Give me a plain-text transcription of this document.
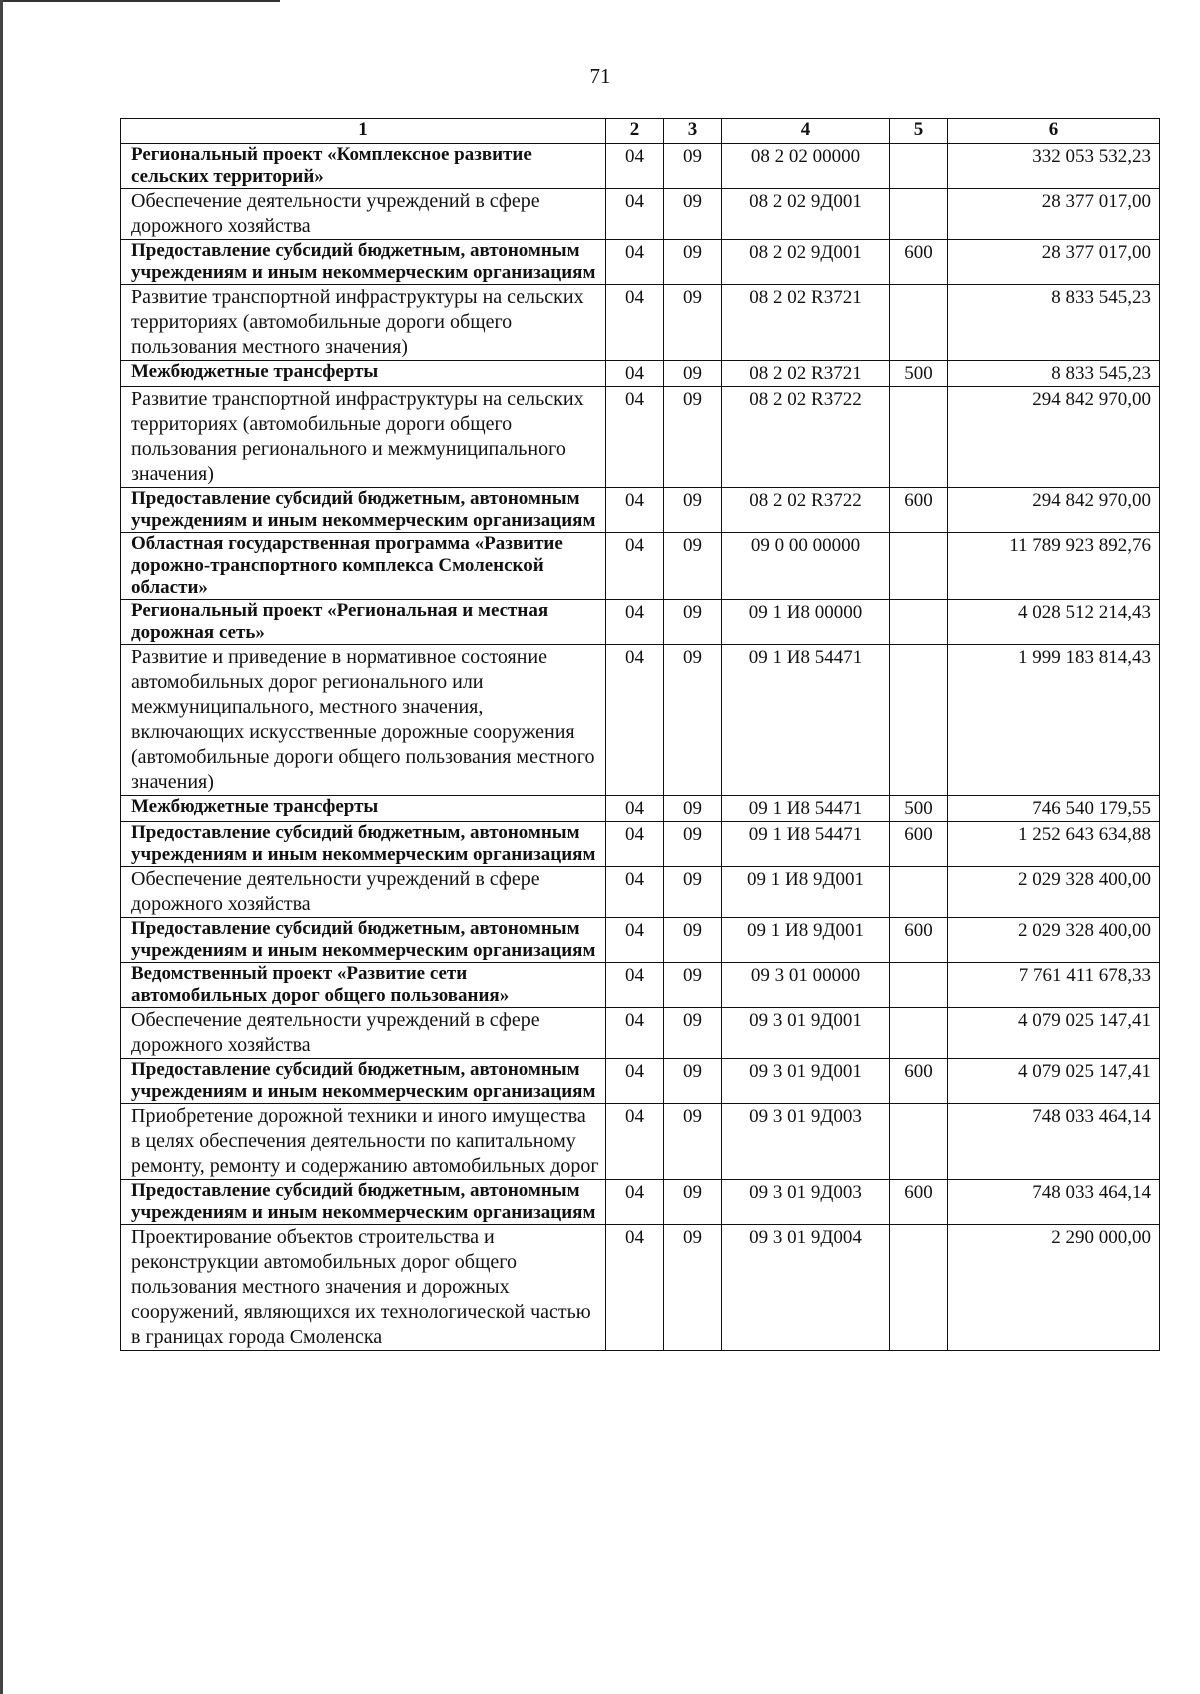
71
1	2	3	4	5	6
Региональный проект «Комплексное развитие сельских территорий»	04	09	08 2 02 00000		332 053 532,23
Обеспечение деятельности учреждений в сфере дорожного хозяйства	04	09	08 2 02 9Д001		28 377 017,00
Предоставление субсидий бюджетным, автономным учреждениям и иным некоммерческим организациям	04	09	08 2 02 9Д001	600	28 377 017,00
Развитие транспортной инфраструктуры на сельских территориях (автомобильные дороги общего пользования местного значения)	04	09	08 2 02 R3721		8 833 545,23
Межбюджетные трансферты	04	09	08 2 02 R3721	500	8 833 545,23
Развитие транспортной инфраструктуры на сельских территориях (автомобильные дороги общего пользования регионального и межмуниципального значения)	04	09	08 2 02 R3722		294 842 970,00
Предоставление субсидий бюджетным, автономным учреждениям и иным некоммерческим организациям	04	09	08 2 02 R3722	600	294 842 970,00
Областная государственная программа «Развитие дорожно-транспортного комплекса Смоленской области»	04	09	09 0 00 00000		11 789 923 892,76
Региональный проект «Региональная и местная дорожная сеть»	04	09	09 1 И8 00000		4 028 512 214,43
Развитие и приведение в нормативное состояние автомобильных дорог регионального или межмуниципального, местного значения, включающих искусственные дорожные сооружения (автомобильные дороги общего пользования местного значения)	04	09	09 1 И8 54471		1 999 183 814,43
Межбюджетные трансферты	04	09	09 1 И8 54471	500	746 540 179,55
Предоставление субсидий бюджетным, автономным учреждениям и иным некоммерческим организациям	04	09	09 1 И8 54471	600	1 252 643 634,88
Обеспечение деятельности учреждений в сфере дорожного хозяйства	04	09	09 1 И8 9Д001		2 029 328 400,00
Предоставление субсидий бюджетным, автономным учреждениям и иным некоммерческим организациям	04	09	09 1 И8 9Д001	600	2 029 328 400,00
Ведомственный проект «Развитие сети автомобильных дорог общего пользования»	04	09	09 3 01 00000		7 761 411 678,33
Обеспечение деятельности учреждений в сфере дорожного хозяйства	04	09	09 3 01 9Д001		4 079 025 147,41
Предоставление субсидий бюджетным, автономным учреждениям и иным некоммерческим организациям	04	09	09 3 01 9Д001	600	4 079 025 147,41
Приобретение дорожной техники и иного имущества в целях обеспечения деятельности по капитальному ремонту, ремонту и содержанию автомобильных дорог	04	09	09 3 01 9Д003		748 033 464,14
Предоставление субсидий бюджетным, автономным учреждениям и иным некоммерческим организациям	04	09	09 3 01 9Д003	600	748 033 464,14
Проектирование объектов строительства и реконструкции автомобильных дорог общего пользования местного значения и дорожных сооружений, являющихся их технологической частью в границах города Смоленска	04	09	09 3 01 9Д004		2 290 000,00
